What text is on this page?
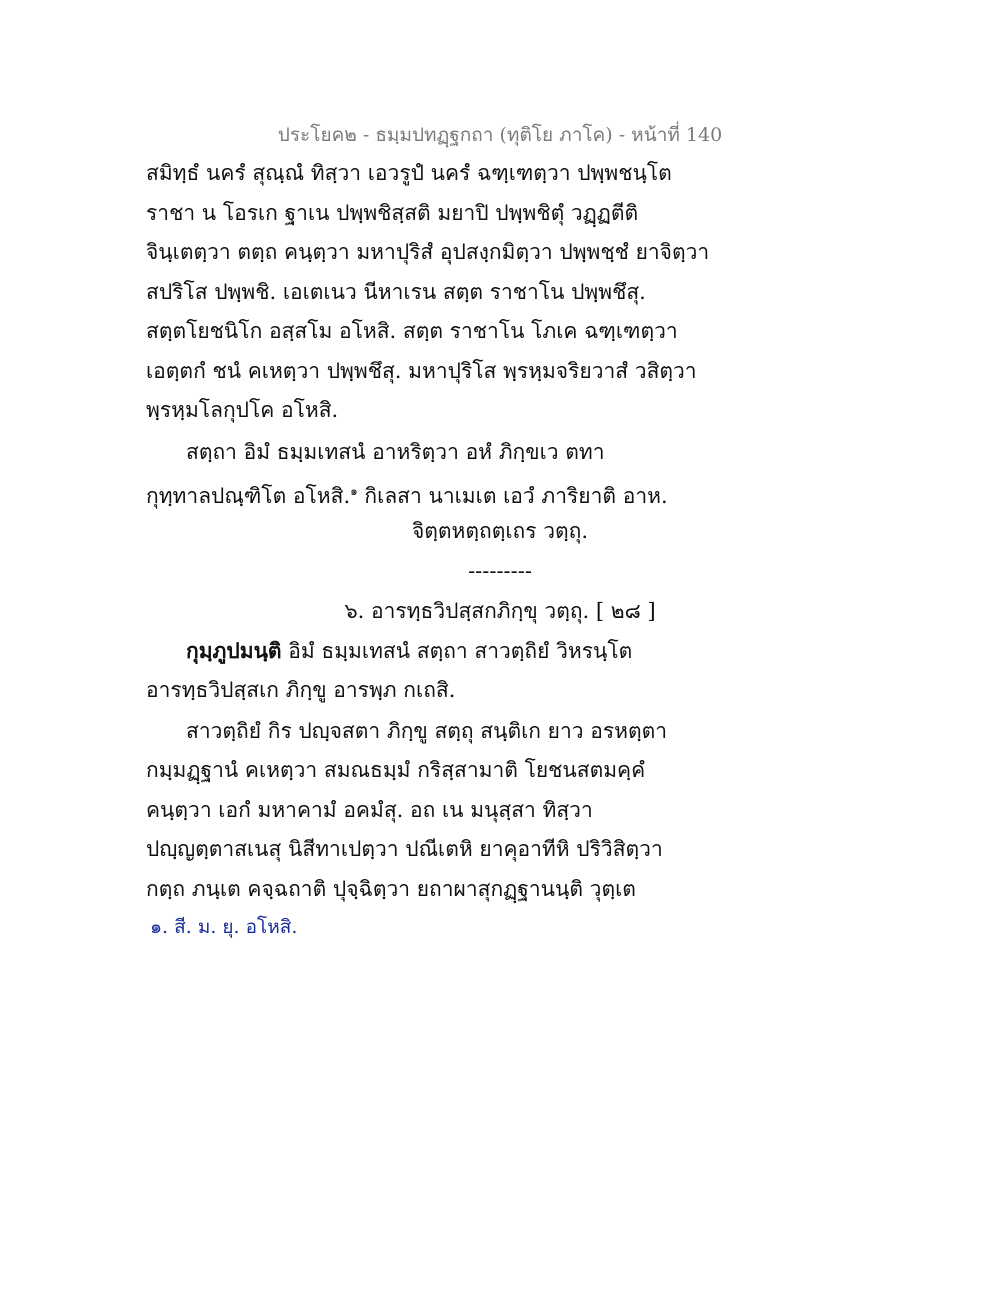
ประโยค๒ - ธมฺมปทฏฺฐกถา (ทุติโย ภาโค) - หน้าที่ 140
สมิทฺธํ นครํ สุณฺณํ ทิสฺวา เอวรูปํ นครํ ฉฑฺเฑตฺวา ปพฺพชนฺโต
ราชา น โอรเก ฐาเน ปพฺพชิสฺสติ มยาปิ ปพฺพชิตุํ วฏฺฏตีติ
จินฺเตตฺวา ตตฺถ คนฺตฺวา มหาปุริสํ อุปสงฺกมิตฺวา ปพฺพชฺชํ ยาจิตฺวา
สปริโส ปพฺพชิ. เอเตเนว นีหาเรน สตฺต ราชาโน ปพฺพชึสุ.
สตฺตโยชนิโก อสฺสโม อโหสิ. สตฺต ราชาโน โภเค ฉฑฺเฑตฺวา
เอตฺตกํ ชนํ คเหตฺวา ปพฺพชึสุ. มหาปุริโส พฺรหฺมจริยวาสํ วสิตฺวา
พฺรหฺมโลกุปโค อโหสิ.
สตฺถา อิมํ ธมฺมเทสนํ อาหริตฺวา อหํ ภิกฺขเว ตทา
กุทฺทาลปณฺฑิโต อโหสิ.$^๑$ กิเลสา นาเมเต เอวํ ภาริยาติ อาห.
จิตฺตหตฺถตฺเถร วตฺถุ.
---------
๖. อารทฺธวิปสฺสกภิกฺขุ วตฺถุ. [ ๒๘ ]
กุมฺภูปมนฺติ อิมํ ธมฺมเทสนํ สตฺถา สาวตฺถิยํ วิหรนฺโต
อารทฺธวิปสฺสเก ภิกฺขู อารพฺภ กเถสิ.
สาวตฺถิยํ กิร ปญฺจสตา ภิกฺขู สตฺถุ สนฺติเก ยาว อรหตฺตา
กมฺมฏฺฐานํ คเหตฺวา สมณธมฺมํ กริสฺสามาติ โยชนสตมคฺคํ
คนฺตฺวา เอกํ มหาคามํ อคมํสุ. อถ เน มนุสฺสา ทิสฺวา
ปญฺญตฺตาสเนสุ นิสีทาเปตฺวา ปณีเตหิ ยาคุอาทีหิ ปริวิสิตฺวา
กตฺถ ภนฺเต คจฺฉถาติ ปุจฺฉิตฺวา ยถาผาสุกฏฺฐานนฺติ วุตฺเต
๑. สี. ม. ยุ. อโหสิ.
